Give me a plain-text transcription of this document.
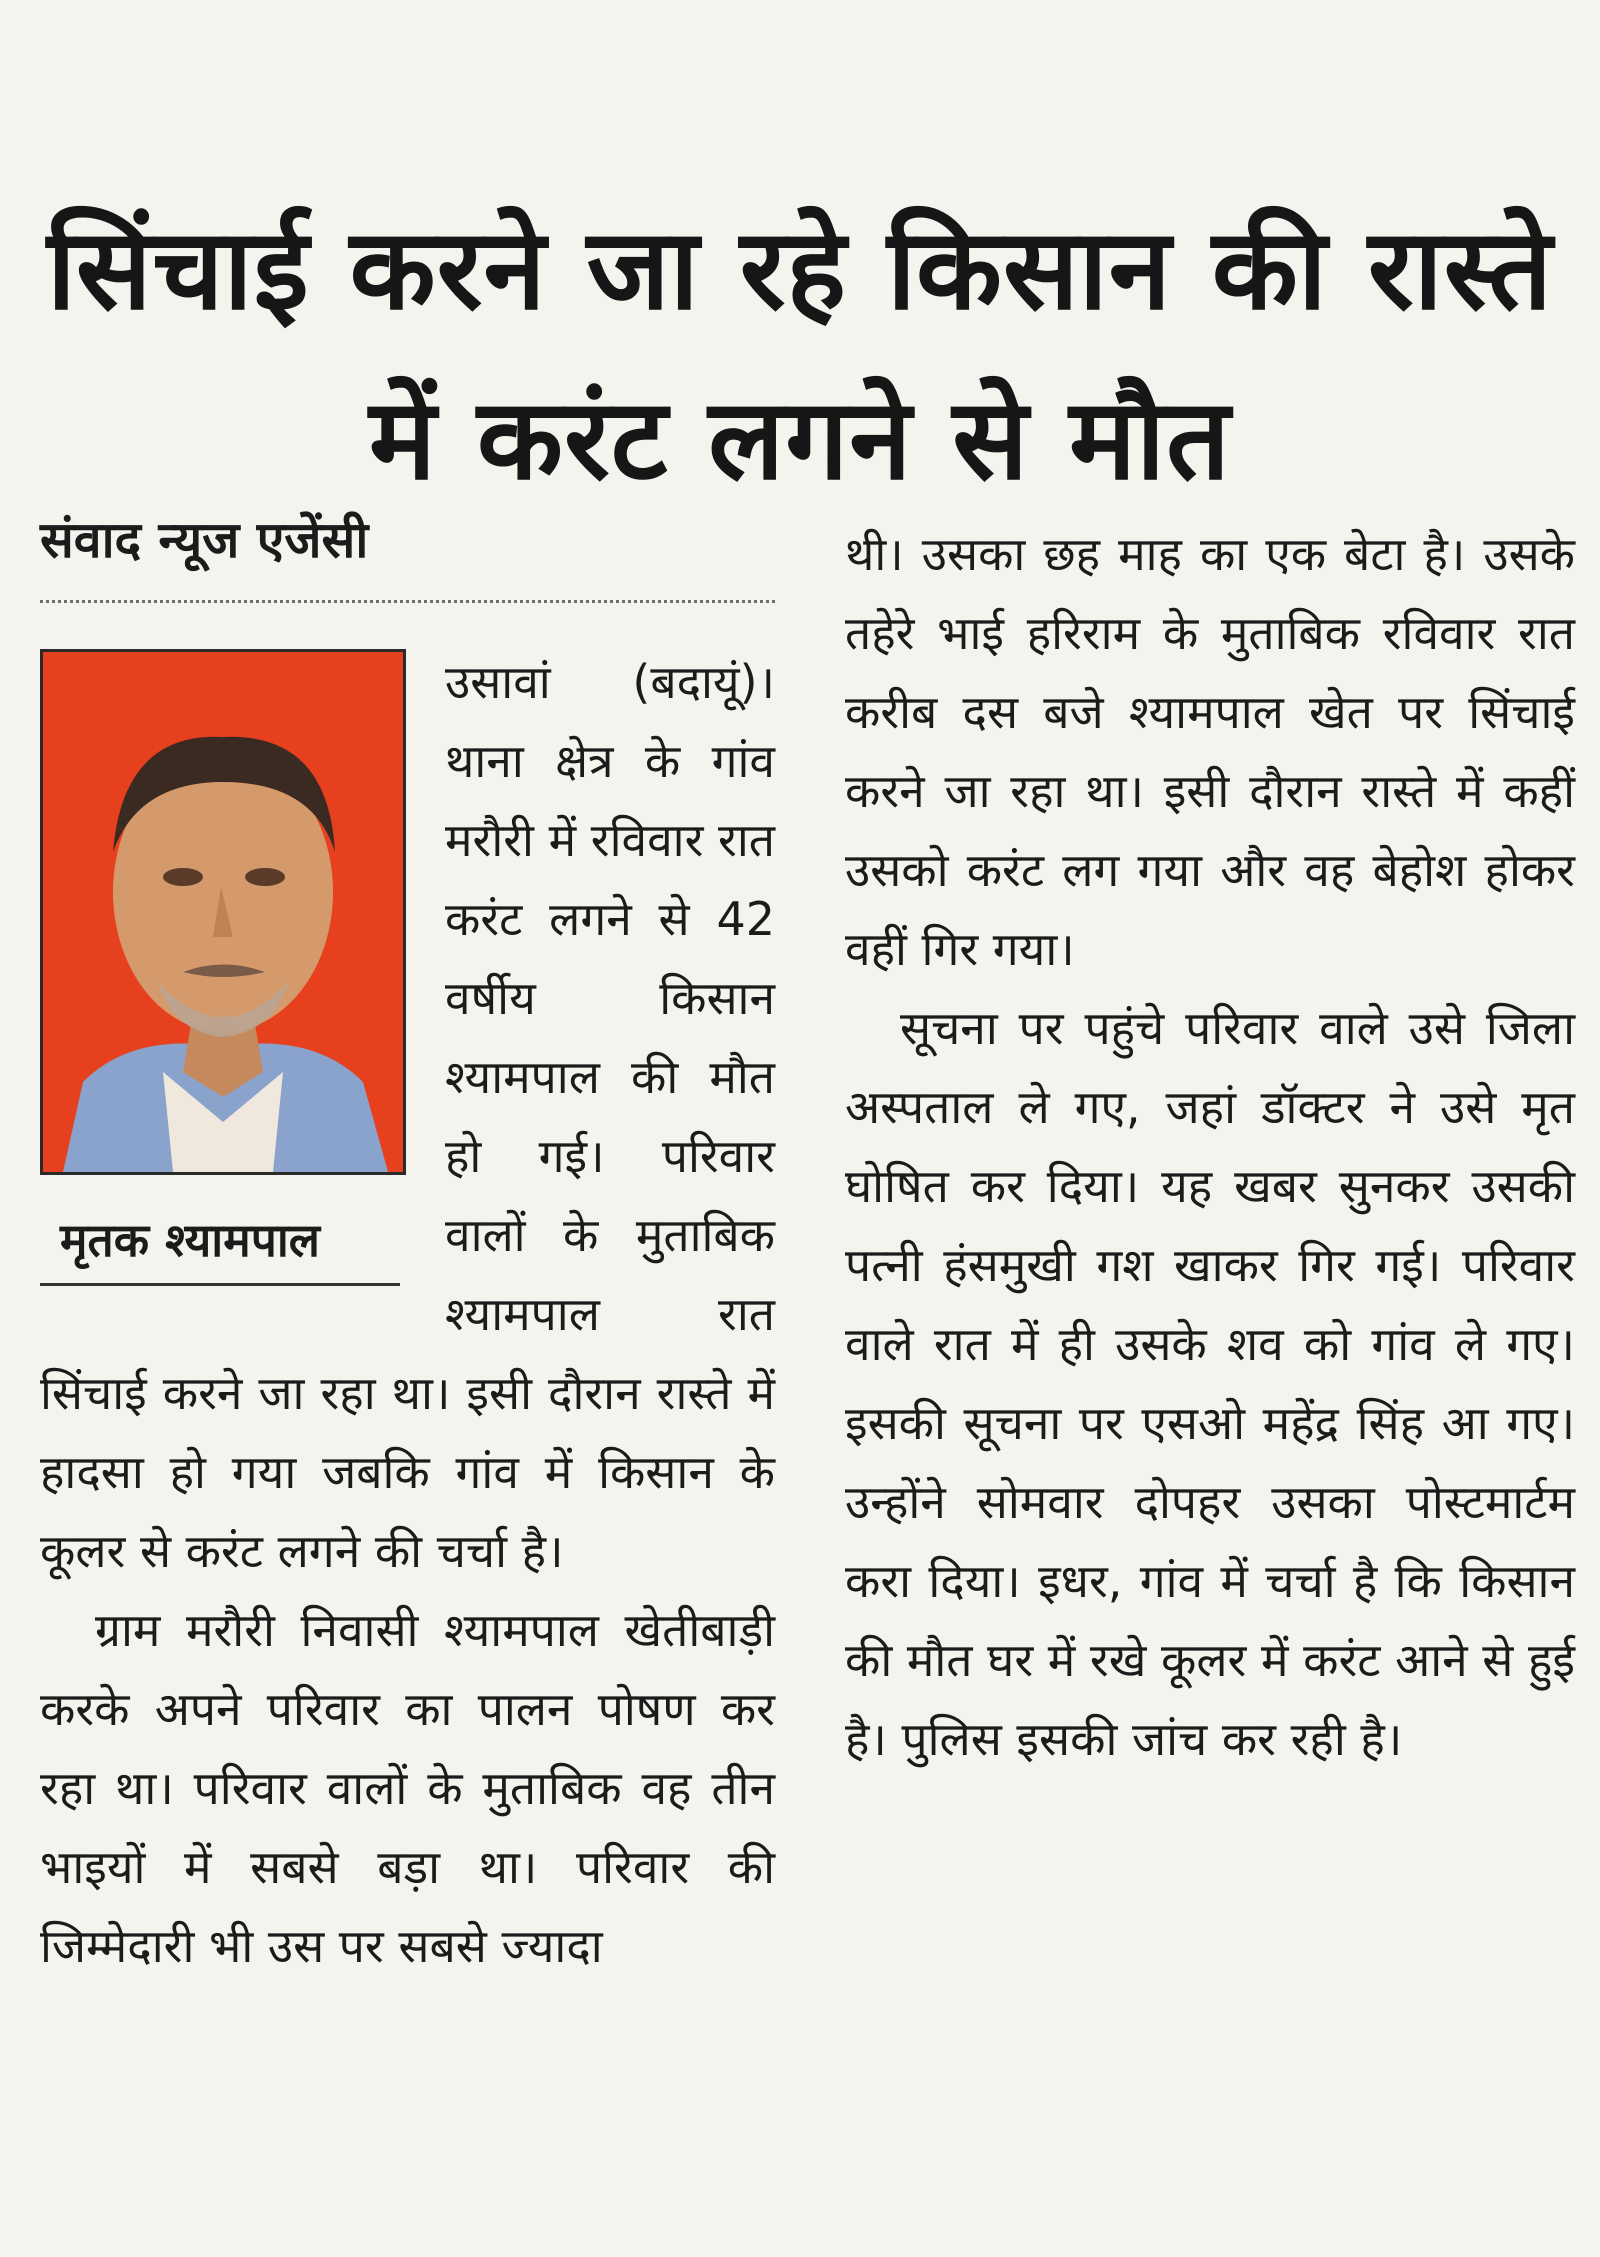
सिंचाई करने जा रहे किसान की रास्ते में करंट लगने से मौत
संवाद न्यूज एजेंसी
मृतक श्यामपाल

उसावां (बदायूं)। थाना क्षेत्र के गांव मरौरी में रविवार रात करंट लगने से 42 वर्षीय किसान श्यामपाल की मौत हो गई। परिवार वालों के मुताबिक श्यामपाल रात सिंचाई करने जा रहा था। इसी दौरान रास्ते में हादसा हो गया जबकि गांव में किसान के कूलर से करंट लगने की चर्चा है।

ग्राम मरौरी निवासी श्यामपाल खेतीबाड़ी करके अपने परिवार का पालन पोषण कर रहा था। परिवार वालों के मुताबिक वह तीन भाइयों में सबसे बड़ा था। परिवार की जिम्मेदारी भी उस पर सबसे ज्यादा

थी। उसका छह माह का एक बेटा है। उसके तहेरे भाई हरिराम के मुताबिक रविवार रात करीब दस बजे श्यामपाल खेत पर सिंचाई करने जा रहा था। इसी दौरान रास्ते में कहीं उसको करंट लग गया और वह बेहोश होकर वहीं गिर गया।

सूचना पर पहुंचे परिवार वाले उसे जिला अस्पताल ले गए, जहां डॉक्टर ने उसे मृत घोषित कर दिया। यह खबर सुनकर उसकी पत्नी हंसमुखी गश खाकर गिर गई। परिवार वाले रात में ही उसके शव को गांव ले गए। इसकी सूचना पर एसओ महेंद्र सिंह आ गए। उन्होंने सोमवार दोपहर उसका पोस्टमार्टम करा दिया। इधर, गांव में चर्चा है कि किसान की मौत घर में रखे कूलर में करंट आने से हुई है। पुलिस इसकी जांच कर रही है।
